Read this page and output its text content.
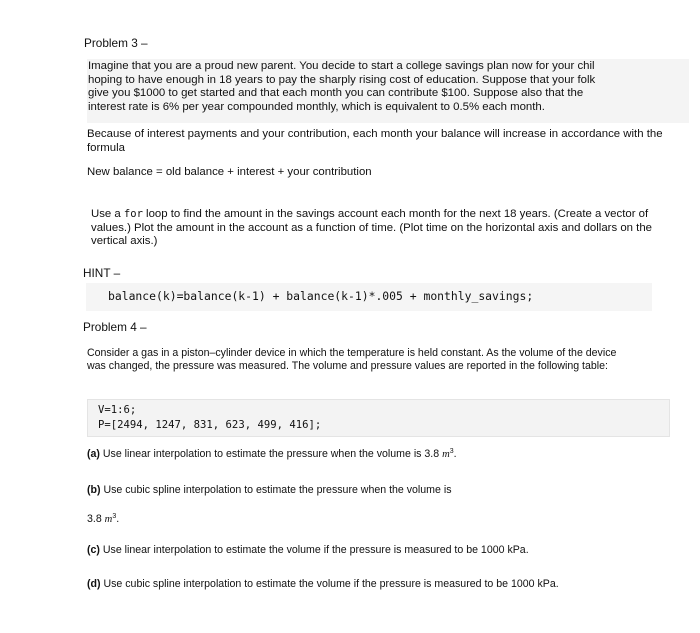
Problem 3 –
Imagine that you are a proud new parent. You decide to start a college savings plan now for your chil
hoping to have enough in 18 years to pay the sharply rising cost of education. Suppose that your folk
give you $1000 to get started and that each month you can contribute $100. Suppose also that the
interest rate is 6% per year compounded monthly, which is equivalent to 0.5% each month.
Because of interest payments and your contribution, each month your balance will increase in accordance with the formula
New balance = old balance + interest + your contribution
Use a for loop to find the amount in the savings account each month for the next 18 years. (Create a vector of values.) Plot the amount in the account as a function of time. (Plot time on the horizontal axis and dollars on the vertical axis.)
HINT –
balance(k)=balance(k-1) + balance(k-1)*.005 + monthly_savings;
Problem 4 –
Consider a gas in a piston–cylinder device in which the temperature is held constant. As the volume of the device was changed, the pressure was measured. The volume and pressure values are reported in the following table:
V=1:6;
P=[2494, 1247, 831, 623, 499, 416];
(a) Use linear interpolation to estimate the pressure when the volume is 3.8 $m^3$.
(b) Use cubic spline interpolation to estimate the pressure when the volume is
3.8 $m^3$.
(c) Use linear interpolation to estimate the volume if the pressure is measured to be 1000 kPa.
(d) Use cubic spline interpolation to estimate the volume if the pressure is measured to be 1000 kPa.
